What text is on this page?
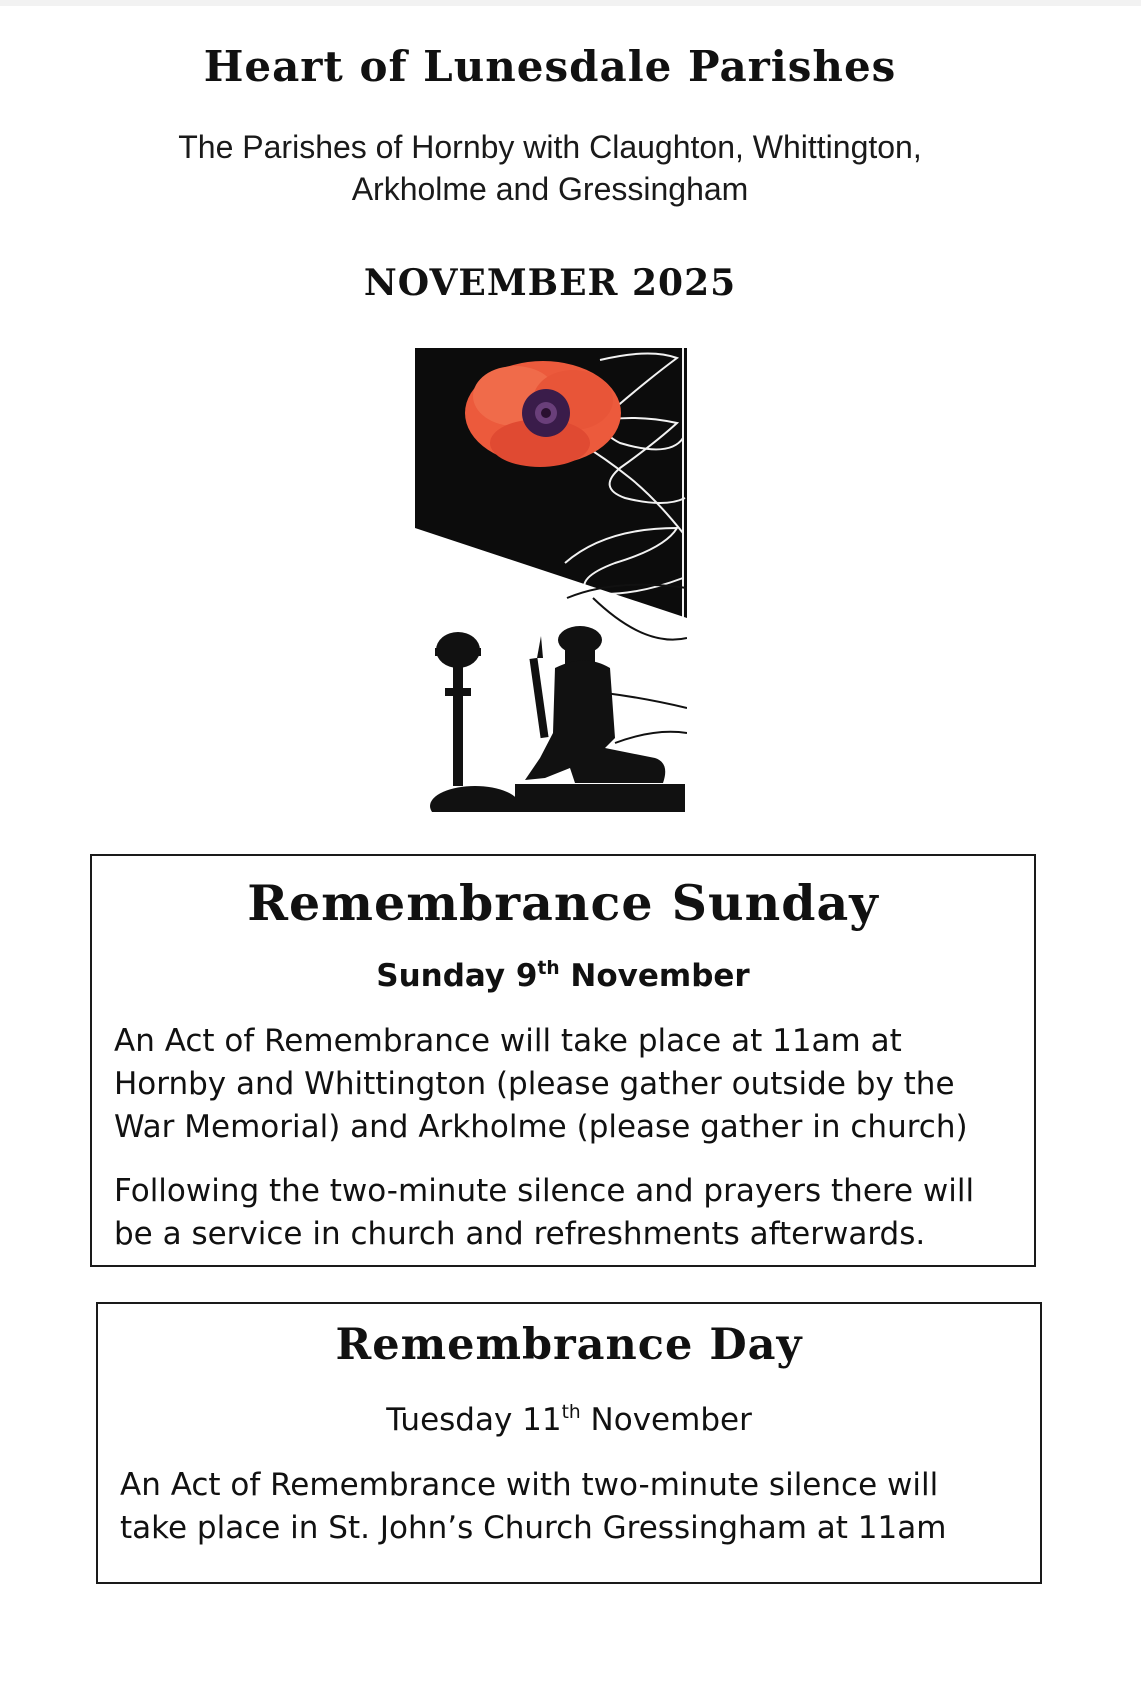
Heart of Lunesdale Parishes
The Parishes of Hornby with Claughton, Whittington,
Arkholme and Gressingham
NOVEMBER 2025
Remembrance Sunday
Sunday 9th November
An Act of Remembrance will take place at 11am at
Hornby and Whittington (please gather outside by the
War Memorial) and Arkholme (please gather in church)
Following the two-minute silence and prayers there will
be a service in church and refreshments afterwards.
Remembrance Day
Tuesday 11th November
An Act of Remembrance with two-minute silence will
take place in St. John’s Church Gressingham at 11am
